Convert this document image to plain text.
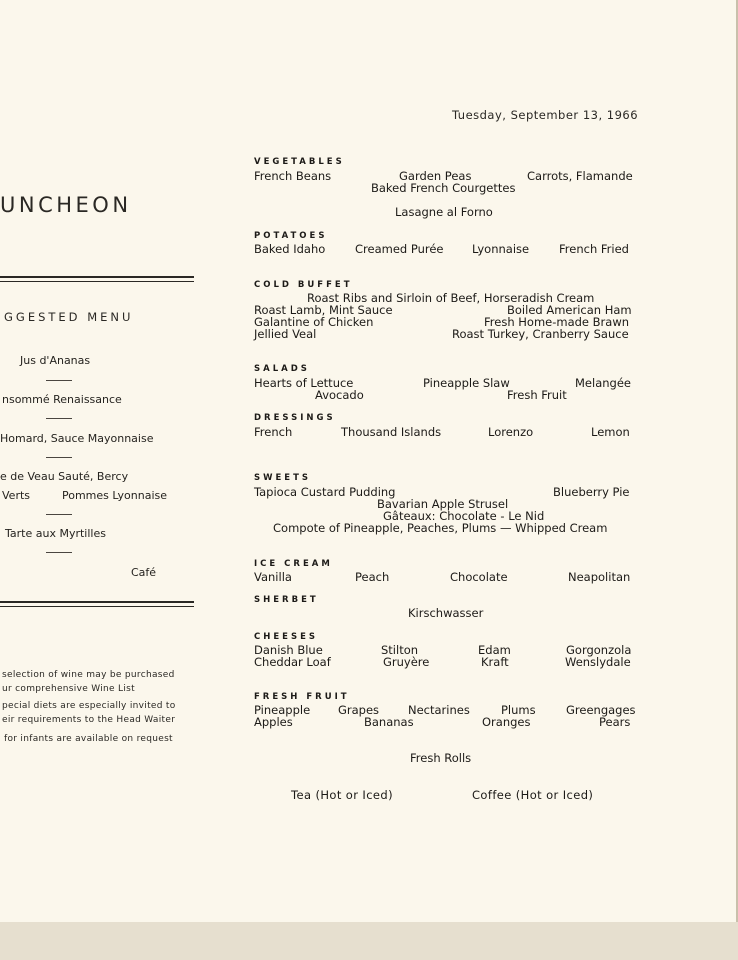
Tuesday, September 13, 1966
UNCHEON
GGESTED MENU
Jus d'Ananas
nsommé Renaissance
Homard, Sauce Mayonnaise
e de Veau Sauté, Bercy
Verts	Pommes Lyonnaise
Tarte aux Myrtilles
Café
selection of wine may be purchased
ur comprehensive Wine List
pecial diets are especially invited to
eir requirements to the Head Waiter
for infants are available on request
VEGETABLES
French Beans	Garden Peas	Carrots, Flamande
Baked French Courgettes
Lasagne al Forno
POTATOES
Baked Idaho	Creamed Purée Lyonnaise	French Fried
COLD BUFFET
Roast Ribs and Sirloin of Beef, Horseradish Cream
Roast Lamb, Mint Sauce	Boiled American Ham
Galantine of Chicken	Fresh Home-made Brawn
Jellied Veal	Roast Turkey, Cranberry Sauce
SALADS
Hearts of Lettuce	Pineapple Slaw	Melangée
Avocado	Fresh Fruit
DRESSINGS
French	Thousand Islands	Lorenzo	Lemon
SWEETS
Tapioca Custard Pudding	Blueberry Pie
Bavarian Apple Strusel
Gâteaux: Chocolate - Le Nid
Compote of Pineapple, Peaches, Plums — Whipped Cream
ICE CREAM
Vanilla	Peach	Chocolate	Neapolitan
SHERBET
Kirschwasser
CHEESES
Danish Blue	Stilton	Edam	Gorgonzola
Cheddar Loaf	Gruyère	Kraft	Wenslydale
FRESH FRUIT
Pineapple Grapes	Nectarines	Plums	Greengages
Apples	Bananas	Oranges	Pears
Fresh Rolls
Tea (Hot or Iced)	Coffee (Hot or Iced)
